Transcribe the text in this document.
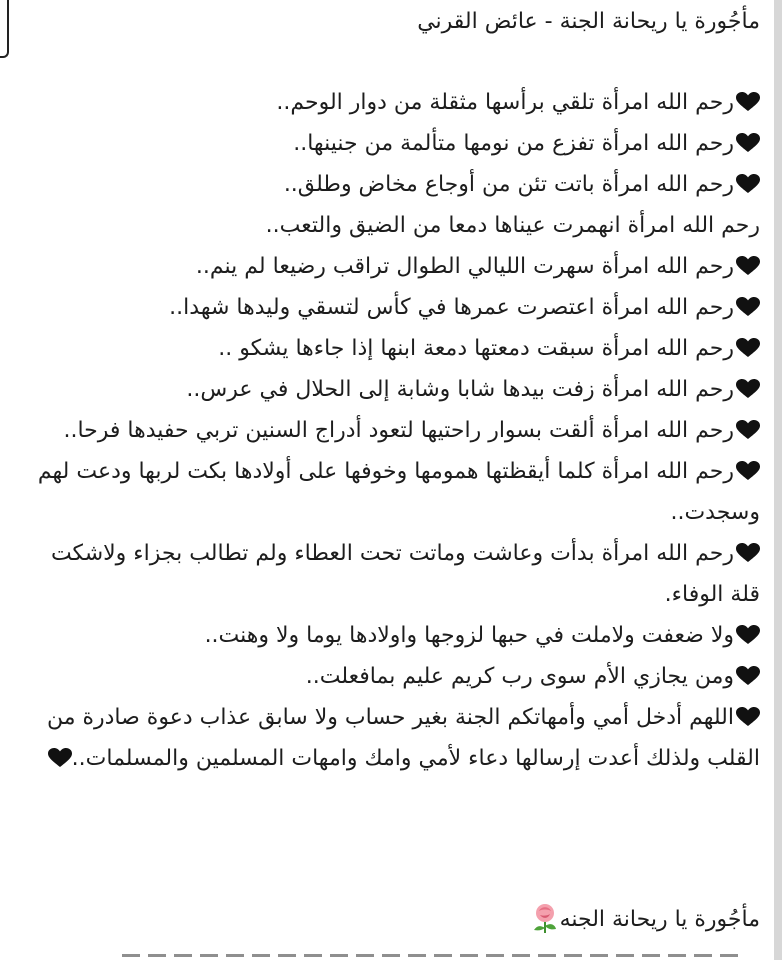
مأجُورة يا ريحانة الجنة - عائض القرني

رحم الله امرأة تلقي برأسها مثقلة من دوار الوحم..

رحم الله امرأة تفزع من نومها متألمة من جنينها..

رحم الله امرأة باتت تئن من أوجاع مخاض وطلق..

رحم الله امرأة انهمرت عيناها دمعا من الضيق والتعب..

رحم الله امرأة سهرت الليالي الطوال تراقب رضيعا لم ينم..

رحم الله امرأة اعتصرت عمرها في كأس لتسقي وليدها شهدا..

رحم الله امرأة سبقت دمعتها دمعة ابنها إذا جاءها يشكو ..

رحم الله امرأة زفت بيدها شابا وشابة إلى الحلال في عرس..

رحم الله امرأة ألقت بسوار راحتيها لتعود أدراج السنين تربي حفيدها فرحا..

رحم الله امرأة كلما أيقظتها همومها وخوفها على أولادها بكت لربها ودعت لهم وسجدت..

رحم الله امرأة بدأت وعاشت وماتت تحت العطاء ولم تطالب بجزاء ولاشكت قلة الوفاء.

ولا ضعفت ولاملت في حبها لزوجها واولادها يوما ولا وهنت..

ومن يجازي الأم سوى رب كريم عليم بمافعلت..

اللهم أدخل أمي وأمهاتكم الجنة بغير حساب ولا سابق عذاب دعوة صادرة من القلب ولذلك أعدت إرسالها دعاء لأمي وامك وامهات المسلمين والمسلمات..

مأجُورة يا ريحانة الجنه
